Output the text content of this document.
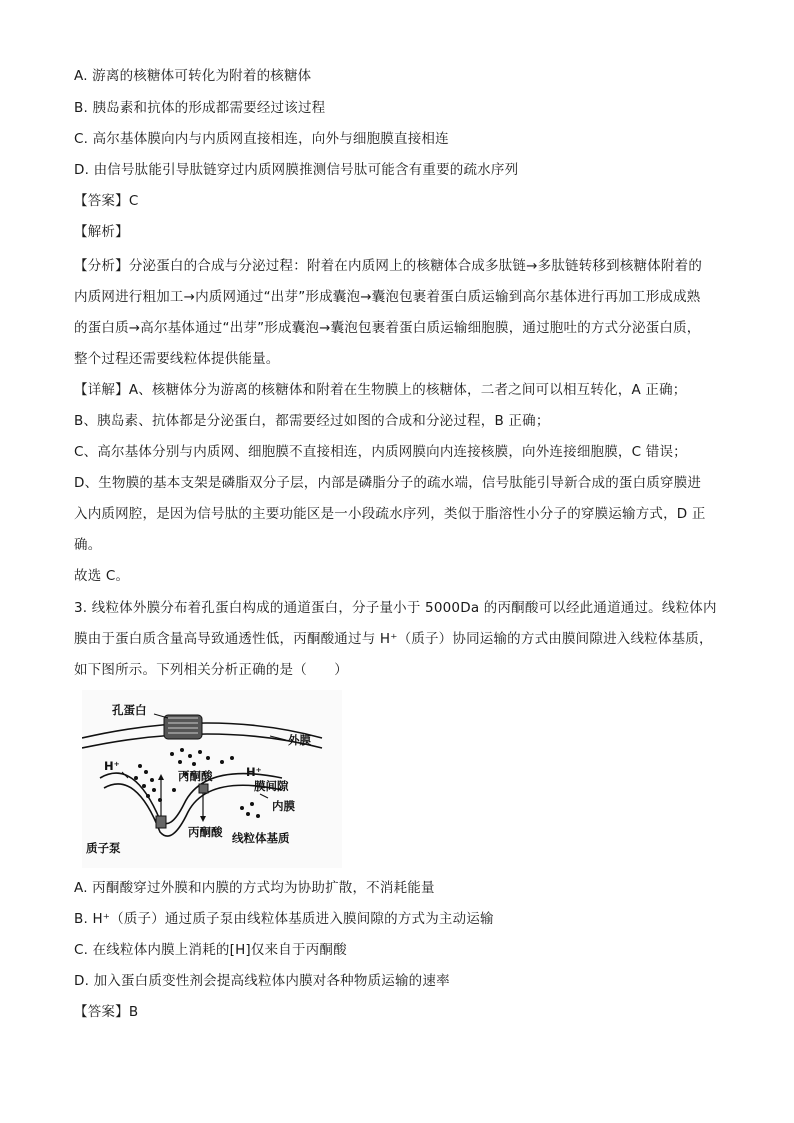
A. 游离的核糖体可转化为附着的核糖体
B. 胰岛素和抗体的形成都需要经过该过程
C. 高尔基体膜向内与内质网直接相连，向外与细胞膜直接相连
D. 由信号肽能引导肽链穿过内质网膜推测信号肽可能含有重要的疏水序列
【答案】C
【解析】
【分析】分泌蛋白的合成与分泌过程：附着在内质网上的核糖体合成多肽链→多肽链转移到核糖体附着的
内质网进行粗加工→内质网通过“出芽”形成囊泡→囊泡包裹着蛋白质运输到高尔基体进行再加工形成成熟
的蛋白质→高尔基体通过“出芽”形成囊泡→囊泡包裹着蛋白质运输细胞膜，通过胞吐的方式分泌蛋白质，
整个过程还需要线粒体提供能量。
【详解】A、核糖体分为游离的核糖体和附着在生物膜上的核糖体，二者之间可以相互转化，A 正确；
B、胰岛素、抗体都是分泌蛋白，都需要经过如图的合成和分泌过程，B 正确；
C、高尔基体分别与内质网、细胞膜不直接相连，内质网膜向内连接核膜，向外连接细胞膜，C 错误；
D、生物膜的基本支架是磷脂双分子层，内部是磷脂分子的疏水端，信号肽能引导新合成的蛋白质穿膜进
入内质网腔，是因为信号肽的主要功能区是一小段疏水序列，类似于脂溶性小分子的穿膜运输方式，D 正
确。
故选 C。
3. 线粒体外膜分布着孔蛋白构成的通道蛋白，分子量小于 5000Da 的丙酮酸可以经此通道通过。线粒体内
膜由于蛋白质含量高导致通透性低，丙酮酸通过与 H⁺（质子）协同运输的方式由膜间隙进入线粒体基质，
如下图所示。下列相关分析正确的是（　　）
孔蛋白
外膜
H⁺	H⁺
膜间隙
丙酮酸
内膜
质子泵
丙酮酸 线粒体基质
A. 丙酮酸穿过外膜和内膜的方式均为协助扩散，不消耗能量
B. H⁺（质子）通过质子泵由线粒体基质进入膜间隙的方式为主动运输
C. 在线粒体内膜上消耗的[H]仅来自于丙酮酸
D. 加入蛋白质变性剂会提高线粒体内膜对各种物质运输的速率
【答案】B
